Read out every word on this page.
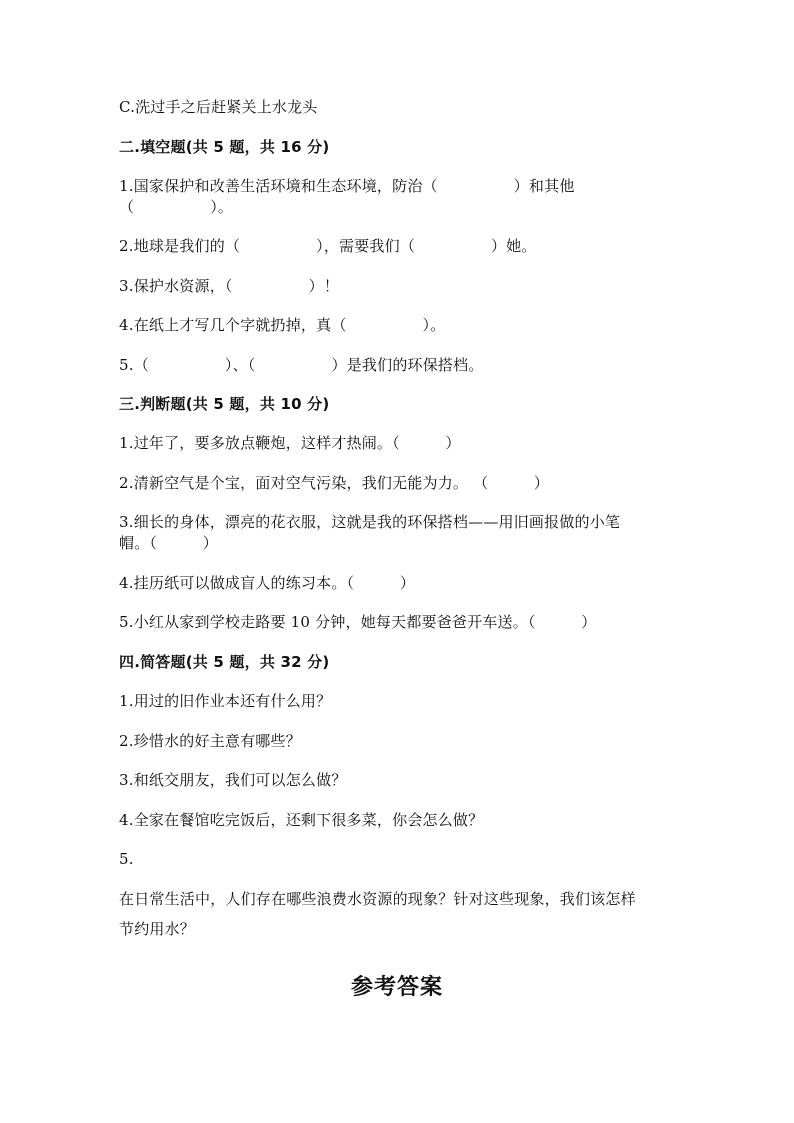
C.洗过手之后赶紧关上水龙头
二.填空题(共 5 题，共 16 分)
1.国家保护和改善生活环境和生态环境，防治（　　　　　）和其他
（　　　　　）。
2.地球是我们的（　　　　　），需要我们（　　　　　）她。
3.保护水资源，（　　　　　）！
4.在纸上才写几个字就扔掉，真（　　　　　）。
5.（　　　　　）、（　　　　　）是我们的环保搭档。
三.判断题(共 5 题，共 10 分)
1.过年了，要多放点鞭炮，这样才热闹。（　　　）
2.清新空气是个宝，面对空气污染，我们无能为力。 （　　　）
3.细长的身体，漂亮的花衣服，这就是我的环保搭档——用旧画报做的小笔
帽。（　　　）
4.挂历纸可以做成盲人的练习本。（　　　）
5.小红从家到学校走路要 10 分钟，她每天都要爸爸开车送。（　　　）
四.简答题(共 5 题，共 32 分)
1.用过的旧作业本还有什么用？
2.珍惜水的好主意有哪些？
3.和纸交朋友，我们可以怎么做？
4.全家在餐馆吃完饭后，还剩下很多菜，你会怎么做？
5.
在日常生活中，人们存在哪些浪费水资源的现象？针对这些现象，我们该怎样
节约用水？
参考答案
